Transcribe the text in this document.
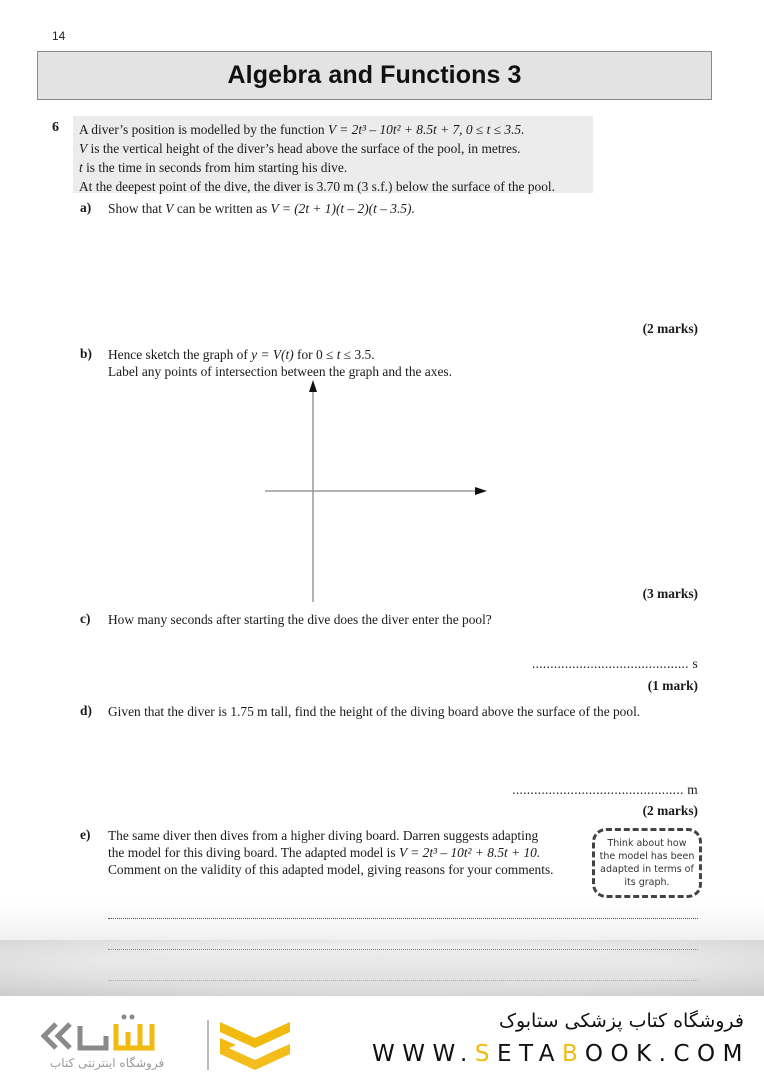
14
Algebra and Functions 3
6 A diver’s position is modelled by the function V = 2t³ – 10t² + 8.5t + 7, 0 ≤ t ≤ 3.5.
V is the vertical height of the diver’s head above the surface of the pool, in metres.
t is the time in seconds from him starting his dive.
At the deepest point of the dive, the diver is 3.70 m (3 s.f.) below the surface of the pool.
a) Show that V can be written as V = (2t + 1)(t – 2)(t – 3.5).
(2 marks)
b) Hence sketch the graph of y = V(t) for 0 ≤ t ≤ 3.5.
Label any points of intersection between the graph and the axes.
(3 marks)
c) How many seconds after starting the dive does the diver enter the pool?
........................................... s
(1 mark)
d) Given that the diver is 1.75 m tall, find the height of the diving board above the surface of the pool.
............................................... m
(2 marks)
e) The same diver then dives from a higher diving board. Darren suggests adapting
the model for this diving board. The adapted model is V = 2t³ – 10t² + 8.5t + 10.
Comment on the validity of this adapted model, giving reasons for your comments.
Think about how the model has been adapted in terms of its graph.
فروشگاه اینترنتی کتاب
فروشگاه کتاب پزشکی ستابوک
WWW.SETABOOK.COM
